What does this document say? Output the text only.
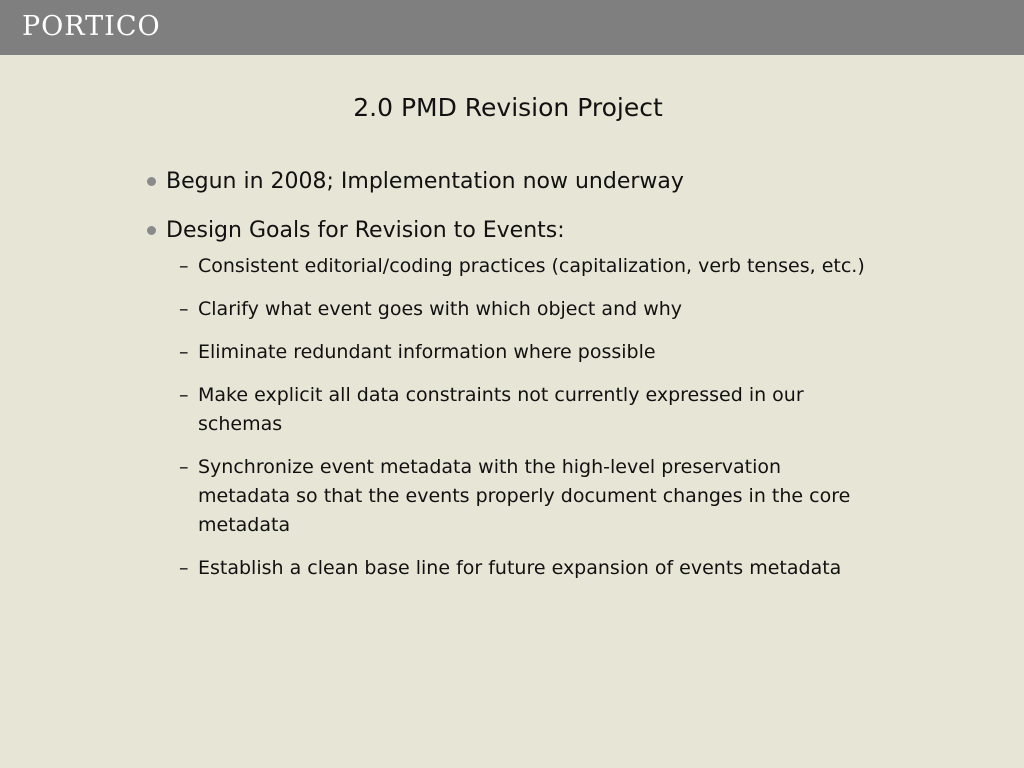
PORTICO
2.0 PMD Revision Project
Begun in 2008; Implementation now underway
Design Goals for Revision to Events:
– Consistent editorial/coding practices (capitalization, verb tenses, etc.)
– Clarify what event goes with which object and why
– Eliminate redundant information where possible
– Make explicit all data constraints not currently expressed in our schemas
– Synchronize event metadata with the high-level preservation metadata so that the events properly document changes in the core metadata
– Establish a clean base line for future expansion of events metadata
